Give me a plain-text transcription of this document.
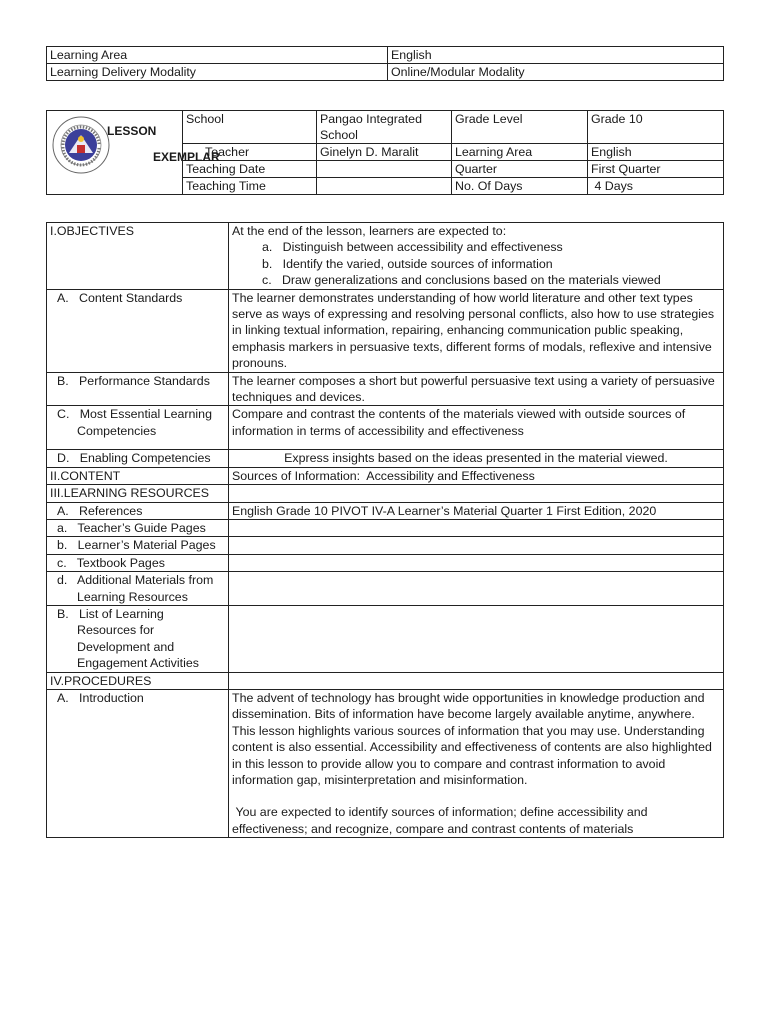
Learning Area	English
Learning Delivery Modality	Online/Modular Modality
LESSON
EXEMPLAR	School	Pangao Integrated School	Grade Level	Grade 10
	Teacher	Ginelyn D. Maralit	Learning Area	English
	Teaching Date		Quarter	First Quarter
	Teaching Time		No. Of Days	4 Days
I.OBJECTIVES	At the end of the lesson, learners are expected to:
a.   Distinguish between accessibility and effectiveness
b.   Identify the varied, outside sources of information
c.   Draw generalizations and conclusions based on the materials viewed

A.   Content Standards	The learner demonstrates understanding of how world literature and other text types serve as ways of expressing and resolving personal conflicts, also how to use strategies in linking textual information, repairing, enhancing communication public speaking, emphasis markers in persuasive texts, different forms of modals, reflexive and intensive pronouns.
B.   Performance Standards	The learner composes a short but powerful persuasive text using a variety of persuasive techniques and devices.
C.   Most Essential Learning Competencies	Compare and contrast the contents of the materials viewed with outside sources of information in terms of accessibility and effectiveness
D.   Enabling Competencies	Express insights based on the ideas presented in the material viewed.
II.CONTENT	Sources of Information:  Accessibility and Effectiveness
III.LEARNING RESOURCES	
A.   References	English Grade 10 PIVOT IV-A Learner’s Material Quarter 1 First Edition, 2020
a.   Teacher’s Guide Pages	
b.   Learner’s Material Pages	
c.   Textbook Pages	
d.   Additional Materials from Learning Resources	
B.   List of Learning Resources for Development and Engagement Activities	
IV.PROCEDURES	
A.   Introduction	The advent of technology has brought wide opportunities in knowledge production and dissemination. Bits of information have become largely available anytime, anywhere. This lesson highlights various sources of information that you may use. Understanding content is also essential. Accessibility and effectiveness of contents are also highlighted in this lesson to provide allow you to compare and contrast information to avoid information gap, misinterpretation and misinformation.
You are expected to identify sources of information; define accessibility and effectiveness; and recognize, compare and contrast contents of materials
